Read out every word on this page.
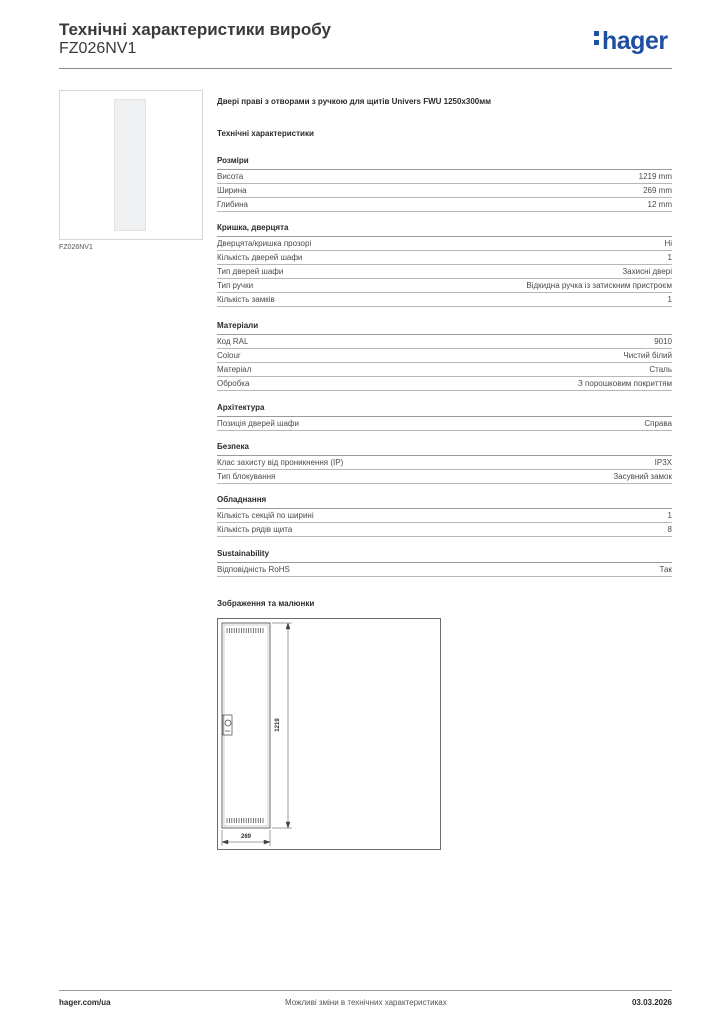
Технічні характеристики виробу
FZ026NV1	hager
FZ026NV1
Двері праві з отворами з ручкою для щитів Univers FWU 1250x300мм
Технічні характеристики
Розміри
Висота	1219 mm
Ширина	269 mm
Глибина	12 mm
Кришка, дверцята
Дверцята/кришка прозорі	Ні
Кількість дверей шафи	1
Тип дверей шафи	Захисні двері
Тип ручки	Відкидна ручка із затискним пристроєм
Кількість замків	1
Матеріали
Код RAL	9010
Colour	Чистий білий
Матеріал	Сталь
Обробка	З порошковим покриттям
Архітектура
Позиція дверей шафи	Справа
Безпека
Клас захисту від проникнення (IP)	IP3X
Тип блокування	Засувний замок
Обладнання
Кількість секцій по ширині	1
Кількість рядів щита	8
Sustainability
Відповідність RoHS	Так
Зображення та малюнки
1219
269
hager.com/ua	Можливі зміни в технічних характеристиках	03.03.2026
